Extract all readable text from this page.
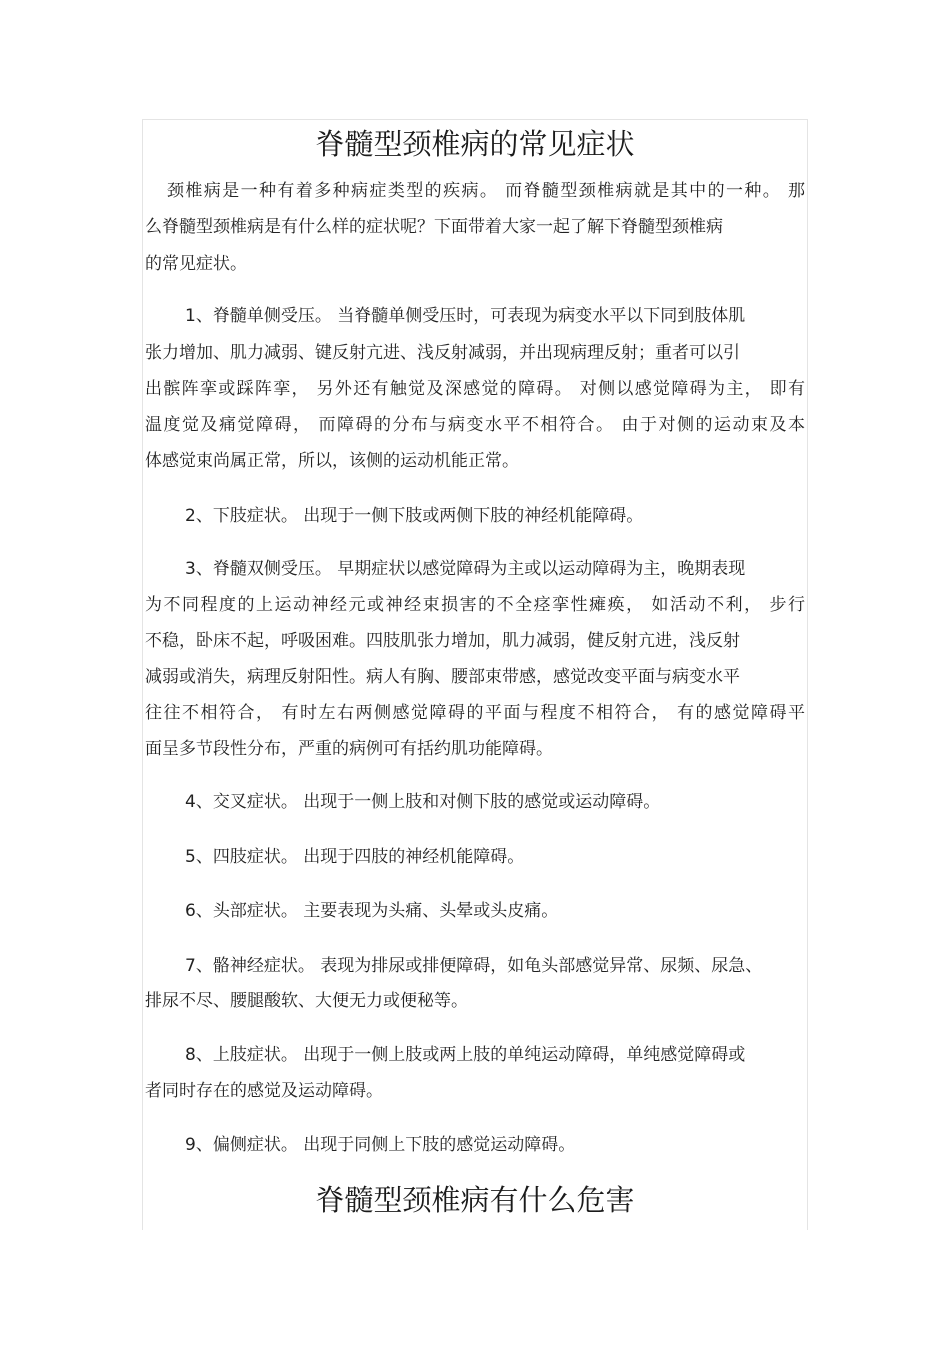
脊髓型颈椎病的常见症状
颈椎病是一种有着多种病症类型的疾病。 而脊髓型颈椎病就是其中的一种。 那
么脊髓型颈椎病是有什么样的症状呢？下面带着大家一起了解下脊髓型颈椎病
的常见症状。
1、脊髓单侧受压。 当脊髓单侧受压时，可表现为病变水平以下同到肢体肌
张力增加、肌力减弱、键反射亢进、浅反射减弱，并出现病理反射；重者可以引
出髌阵挛或踩阵挛， 另外还有触觉及深感觉的障碍。 对侧以感觉障碍为主， 即有
温度觉及痛觉障碍， 而障碍的分布与病变水平不相符合。 由于对侧的运动束及本
体感觉束尚属正常，所以，该侧的运动机能正常。
2、下肢症状。 出现于一侧下肢或两侧下肢的神经机能障碍。
3、脊髓双侧受压。 早期症状以感觉障碍为主或以运动障碍为主，晚期表现
为不同程度的上运动神经元或神经束损害的不全痉挛性瘫痪， 如活动不利， 步行
不稳，卧床不起，呼吸困难。四肢肌张力增加，肌力减弱，健反射亢进，浅反射
减弱或消失，病理反射阳性。病人有胸、腰部束带感，感觉改变平面与病变水平
往往不相符合， 有时左右两侧感觉障碍的平面与程度不相符合， 有的感觉障碍平
面呈多节段性分布，严重的病例可有括约肌功能障碍。
4、交叉症状。 出现于一侧上肢和对侧下肢的感觉或运动障碍。
5、四肢症状。 出现于四肢的神经机能障碍。
6、头部症状。 主要表现为头痛、头晕或头皮痛。
7、骼神经症状。 表现为排尿或排便障碍，如龟头部感觉异常、尿频、尿急、
排尿不尽、腰腿酸软、大便无力或便秘等。
8、上肢症状。 出现于一侧上肢或两上肢的单纯运动障碍，单纯感觉障碍或
者同时存在的感觉及运动障碍。
9、偏侧症状。 出现于同侧上下肢的感觉运动障碍。
脊髓型颈椎病有什么危害
